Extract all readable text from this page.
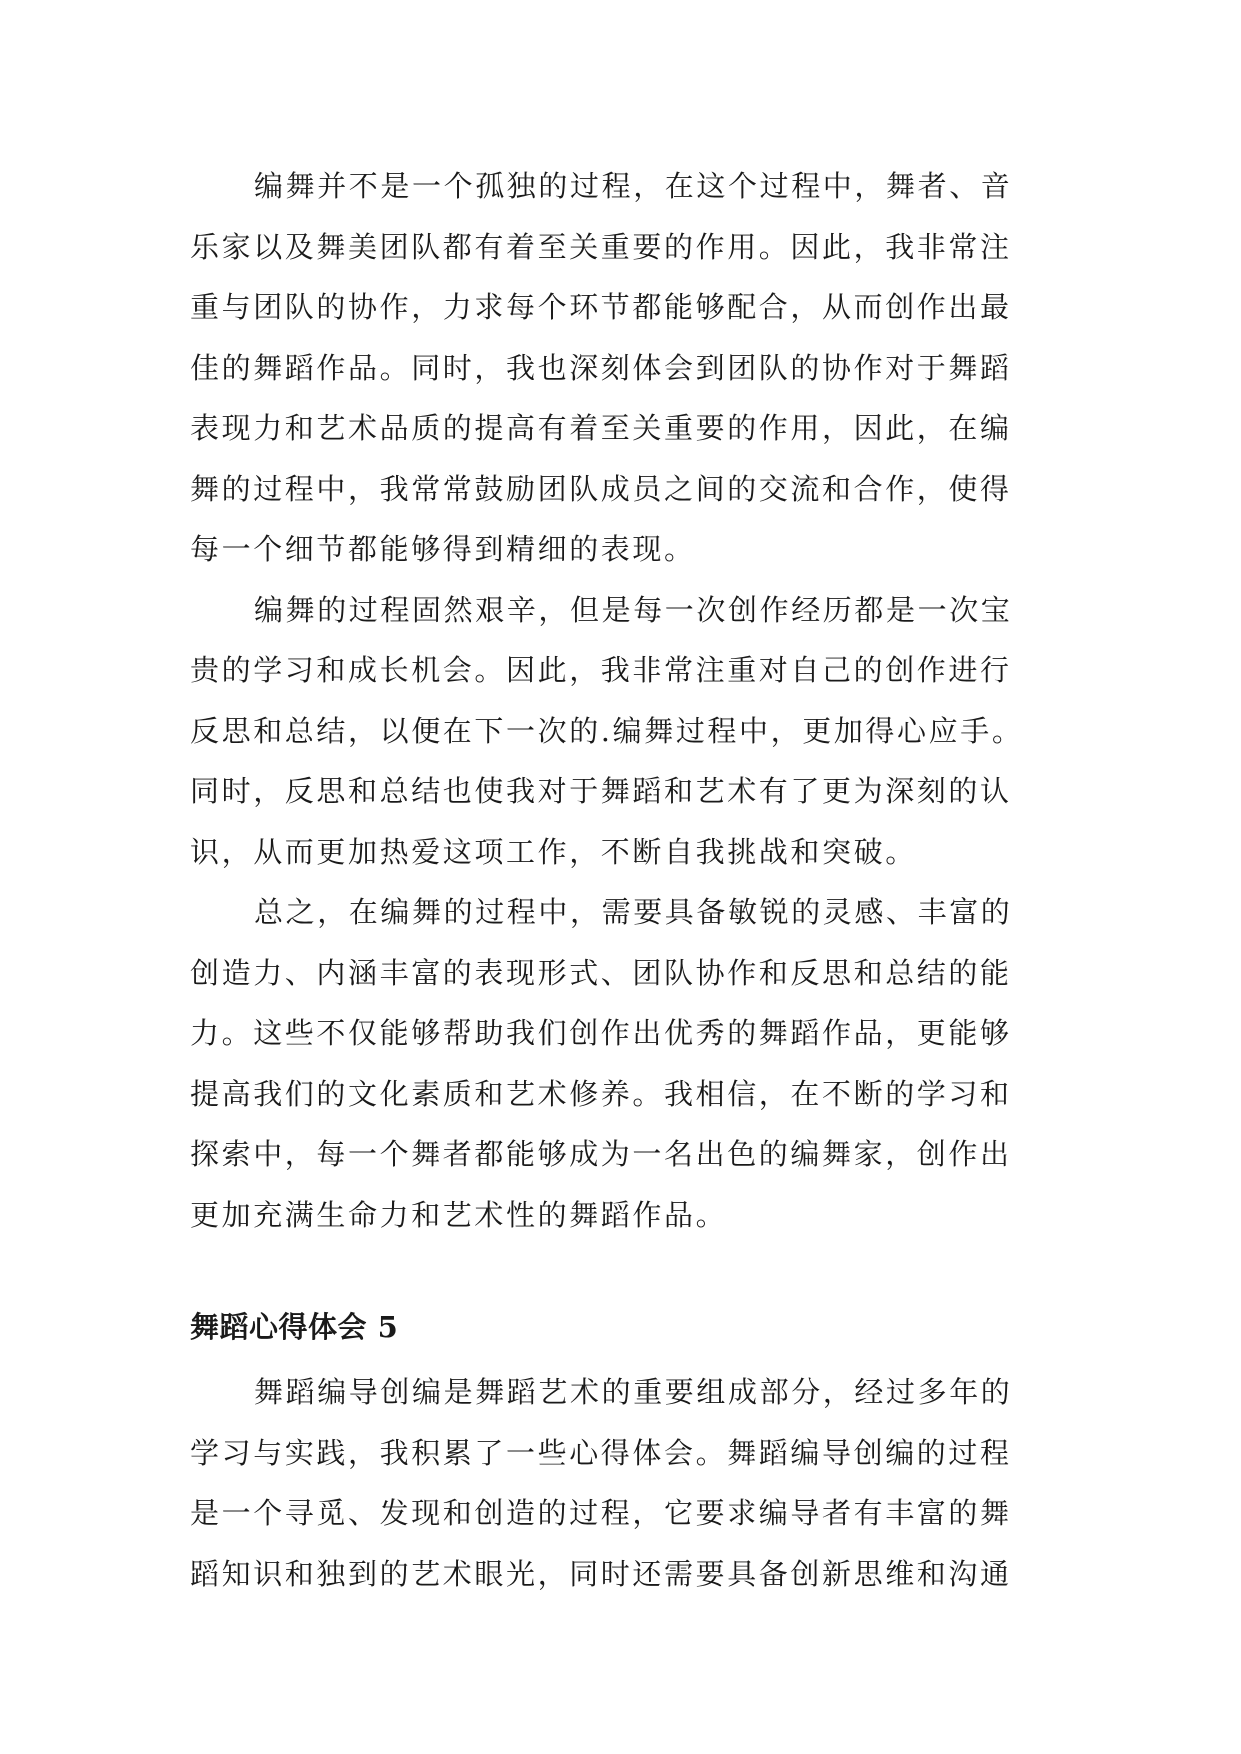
编舞并不是一个孤独的过程，在这个过程中，舞者、音
乐家以及舞美团队都有着至关重要的作用。因此，我非常注
重与团队的协作，力求每个环节都能够配合，从而创作出最
佳的舞蹈作品。同时，我也深刻体会到团队的协作对于舞蹈
表现力和艺术品质的提高有着至关重要的作用，因此，在编
舞的过程中，我常常鼓励团队成员之间的交流和合作，使得
每一个细节都能够得到精细的表现。

编舞的过程固然艰辛，但是每一次创作经历都是一次宝
贵的学习和成长机会。因此，我非常注重对自己的创作进行
反思和总结，以便在下一次的.编舞过程中，更加得心应手。
同时，反思和总结也使我对于舞蹈和艺术有了更为深刻的认
识，从而更加热爱这项工作，不断自我挑战和突破。

总之，在编舞的过程中，需要具备敏锐的灵感、丰富的
创造力、内涵丰富的表现形式、团队协作和反思和总结的能
力。这些不仅能够帮助我们创作出优秀的舞蹈作品，更能够
提高我们的文化素质和艺术修养。我相信，在不断的学习和
探索中，每一个舞者都能够成为一名出色的编舞家，创作出
更加充满生命力和艺术性的舞蹈作品。

舞蹈心得体会 5

舞蹈编导创编是舞蹈艺术的重要组成部分，经过多年的
学习与实践，我积累了一些心得体会。舞蹈编导创编的过程
是一个寻觅、发现和创造的过程，它要求编导者有丰富的舞
蹈知识和独到的艺术眼光，同时还需要具备创新思维和沟通
